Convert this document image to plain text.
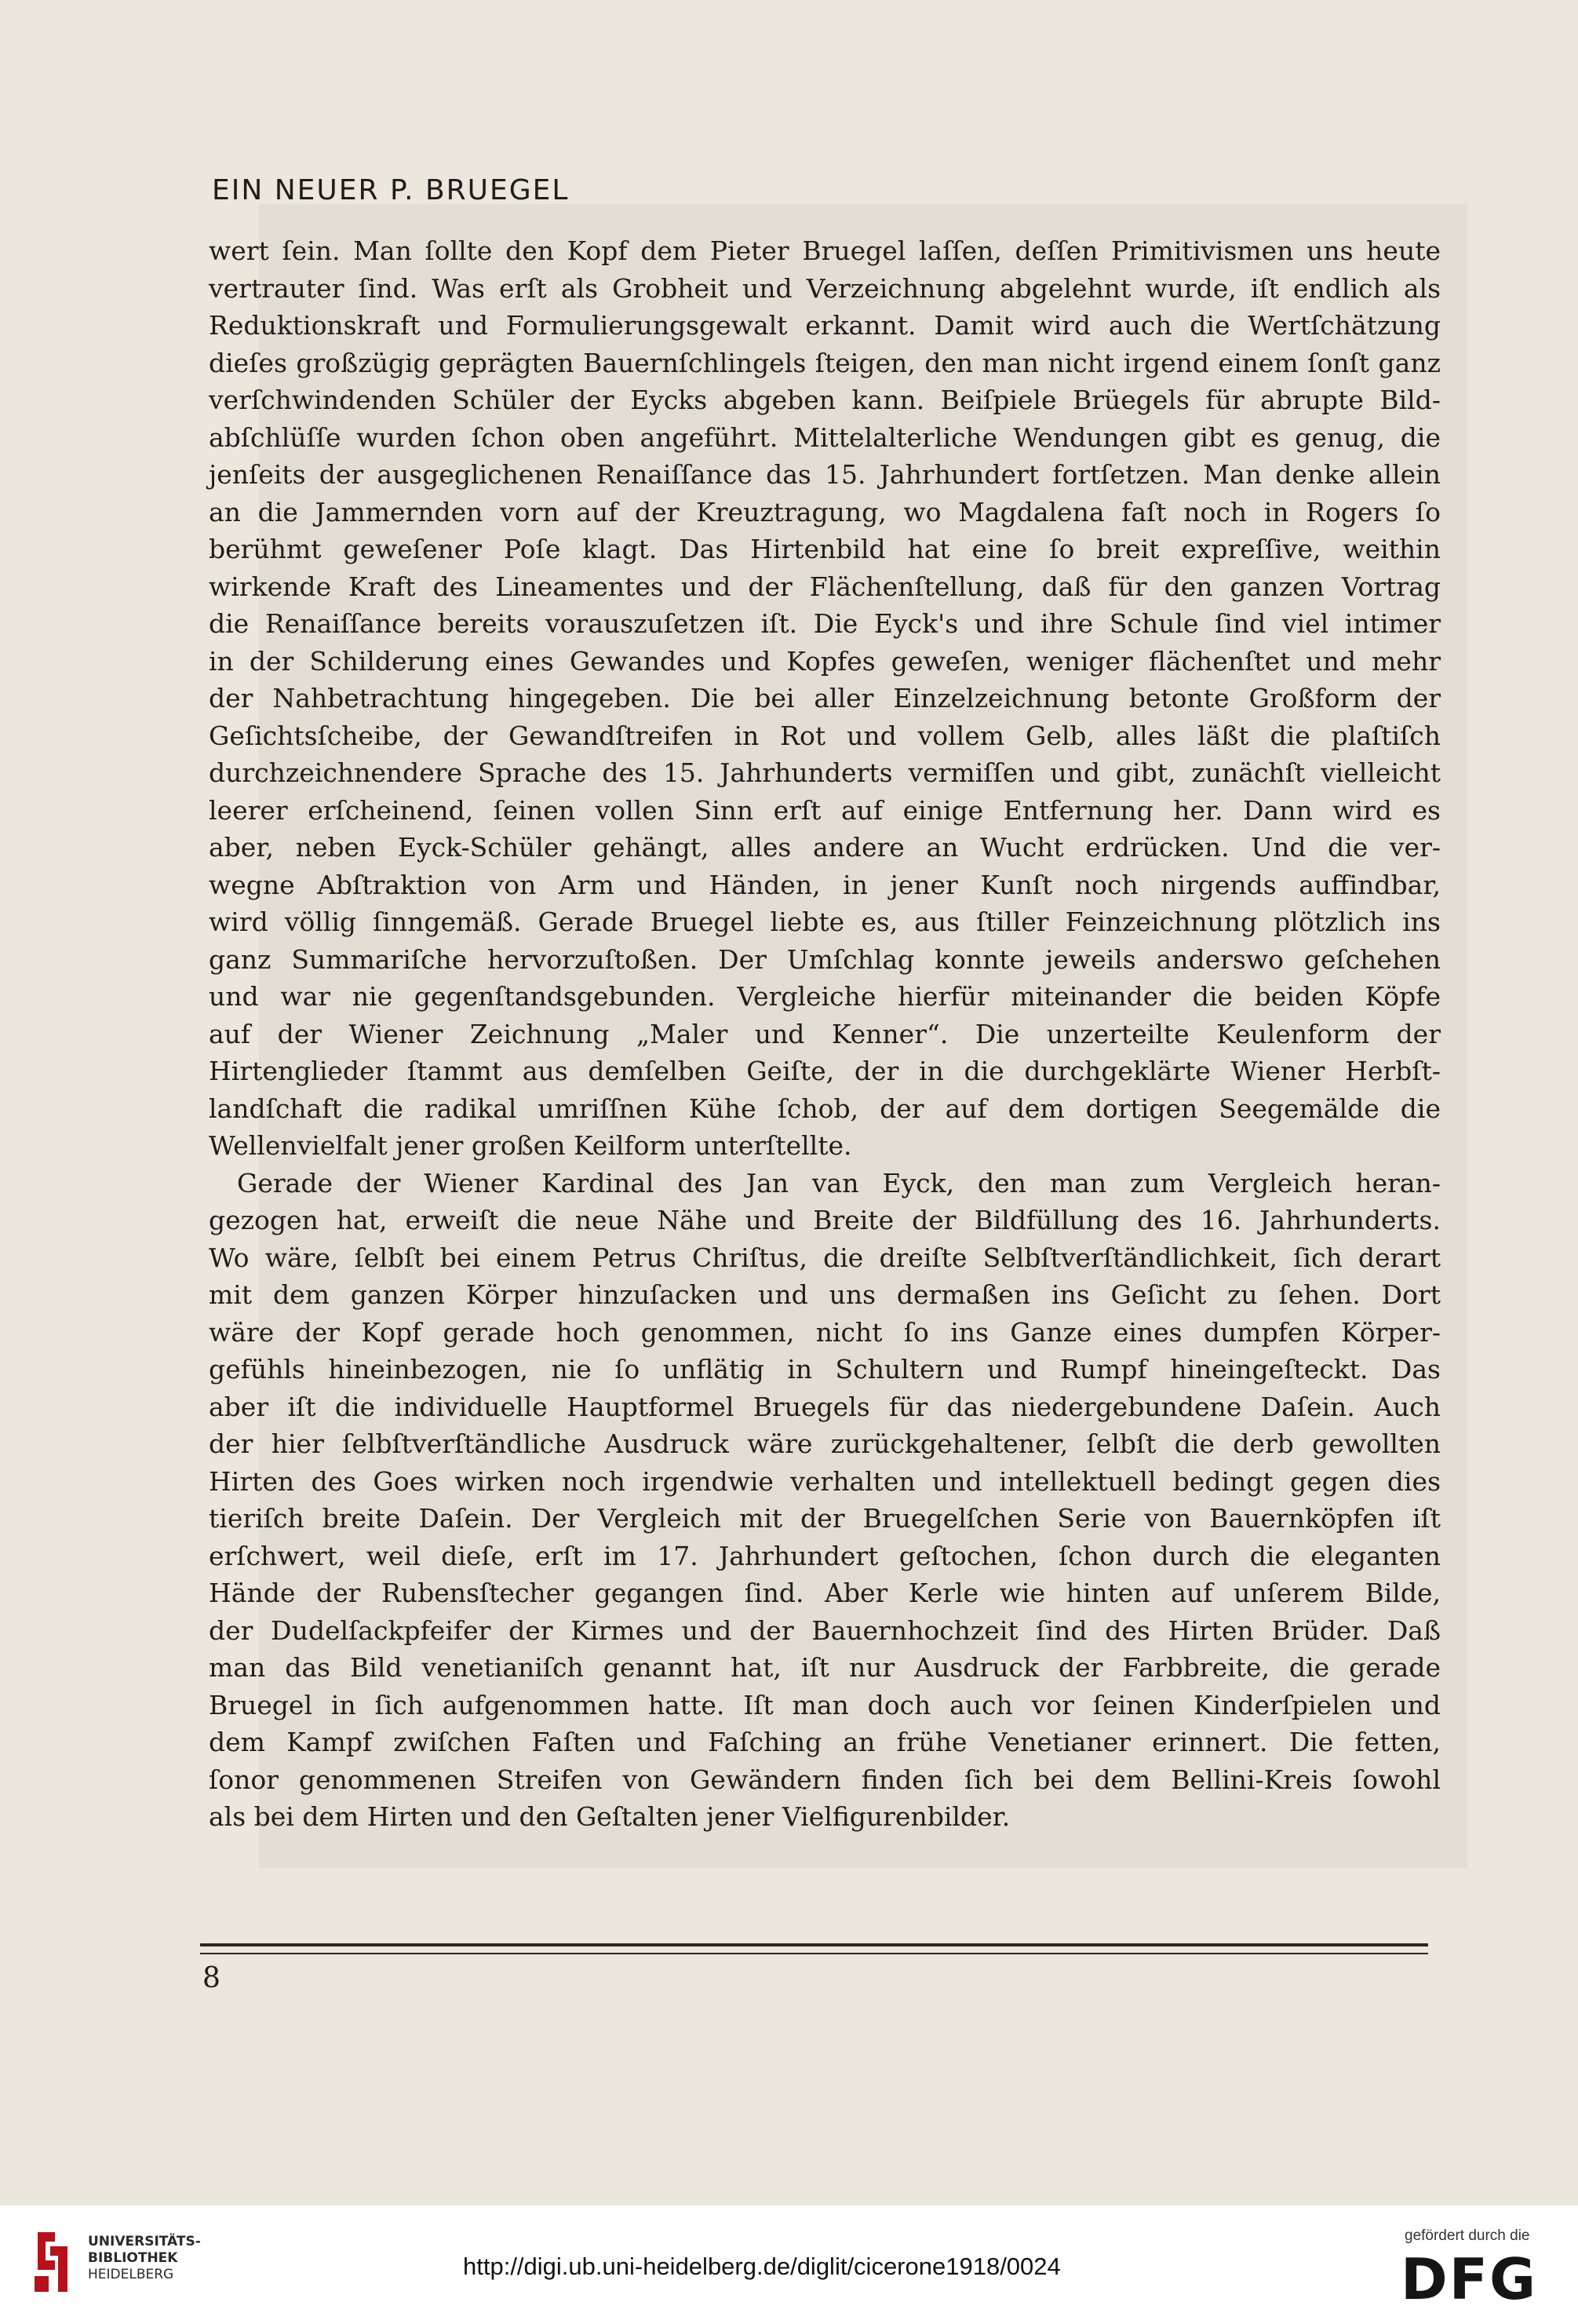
EIN NEUER P. BRUEGEL
wert ſein. Man ſollte den Kopf dem Pieter Bruegel laſſen, deſſen Primitivismen uns heute
vertrauter ſind. Was erſt als Grobheit und Verzeichnung abgelehnt wurde, iſt endlich als
Reduktionskraft und Formulierungsgewalt erkannt. Damit wird auch die Wertſchätzung
dieſes großzügig geprägten Bauernſchlingels ſteigen, den man nicht irgend einem ſonſt ganz
verſchwindenden Schüler der Eycks abgeben kann. Beiſpiele Brüegels für abrupte Bild-
abſchlüſſe wurden ſchon oben angeführt. Mittelalterliche Wendungen gibt es genug, die
jenſeits der ausgeglichenen Renaiſſance das 15. Jahrhundert fortſetzen. Man denke allein
an die Jammernden vorn auf der Kreuztragung, wo Magdalena faſt noch in Rogers ſo
berühmt geweſener Poſe klagt. Das Hirtenbild hat eine ſo breit expreſſive, weithin
wirkende Kraft des Lineamentes und der Flächenſtellung, daß für den ganzen Vortrag
die Renaiſſance bereits vorauszuſetzen iſt. Die Eyck's und ihre Schule ſind viel intimer
in der Schilderung eines Gewandes und Kopfes geweſen, weniger flächenſtet und mehr
der Nahbetrachtung hingegeben. Die bei aller Einzelzeichnung betonte Großform der
Geſichtsſcheibe, der Gewandſtreifen in Rot und vollem Gelb, alles läßt die plaſtiſch
durchzeichnendere Sprache des 15. Jahrhunderts vermiſſen und gibt, zunächſt vielleicht
leerer erſcheinend, ſeinen vollen Sinn erſt auf einige Entfernung her. Dann wird es
aber, neben Eyck-Schüler gehängt, alles andere an Wucht erdrücken. Und die ver-
wegne Abſtraktion von Arm und Händen, in jener Kunſt noch nirgends auffindbar,
wird völlig ſinngemäß. Gerade Bruegel liebte es, aus ſtiller Feinzeichnung plötzlich ins
ganz Summariſche hervorzuſtoßen. Der Umſchlag konnte jeweils anderswo geſchehen
und war nie gegenſtandsgebunden. Vergleiche hierfür miteinander die beiden Köpfe
auf der Wiener Zeichnung „Maler und Kenner“. Die unzerteilte Keulenform der
Hirtenglieder ſtammt aus demſelben Geiſte, der in die durchgeklärte Wiener Herbſt-
landſchaft die radikal umriſſnen Kühe ſchob, der auf dem dortigen Seegemälde die
Wellenvielfalt jener großen Keilform unterſtellte.
Gerade der Wiener Kardinal des Jan van Eyck, den man zum Vergleich heran-
gezogen hat, erweiſt die neue Nähe und Breite der Bildfüllung des 16. Jahrhunderts.
Wo wäre, ſelbſt bei einem Petrus Chriſtus, die dreiſte Selbſtverſtändlichkeit, ſich derart
mit dem ganzen Körper hinzuſacken und uns dermaßen ins Geſicht zu ſehen. Dort
wäre der Kopf gerade hoch genommen, nicht ſo ins Ganze eines dumpfen Körper-
gefühls hineinbezogen, nie ſo unflätig in Schultern und Rumpf hineingeſteckt. Das
aber iſt die individuelle Hauptformel Bruegels für das niedergebundene Daſein. Auch
der hier ſelbſtverſtändliche Ausdruck wäre zurückgehaltener, ſelbſt die derb gewollten
Hirten des Goes wirken noch irgendwie verhalten und intellektuell bedingt gegen dies
tieriſch breite Daſein. Der Vergleich mit der Bruegelſchen Serie von Bauernköpfen iſt
erſchwert, weil dieſe, erſt im 17. Jahrhundert geſtochen, ſchon durch die eleganten
Hände der Rubensſtecher gegangen ſind. Aber Kerle wie hinten auf unſerem Bilde,
der Dudelſackpfeifer der Kirmes und der Bauernhochzeit ſind des Hirten Brüder. Daß
man das Bild venetianiſch genannt hat, iſt nur Ausdruck der Farbbreite, die gerade
Bruegel in ſich aufgenommen hatte. Iſt man doch auch vor ſeinen Kinderſpielen und
dem Kampf zwiſchen Faſten und Faſching an frühe Venetianer erinnert. Die fetten,
ſonor genommenen Streifen von Gewändern finden ſich bei dem Bellini-Kreis ſowohl
als bei dem Hirten und den Geſtalten jener Vielfigurenbilder.
8
UNIVERSITÄTS-
BIBLIOTHEK
HEIDELBERG	http://digi.ub.uni-heidelberg.de/diglit/cicerone1918/0024
gefördert durch die
DFG
